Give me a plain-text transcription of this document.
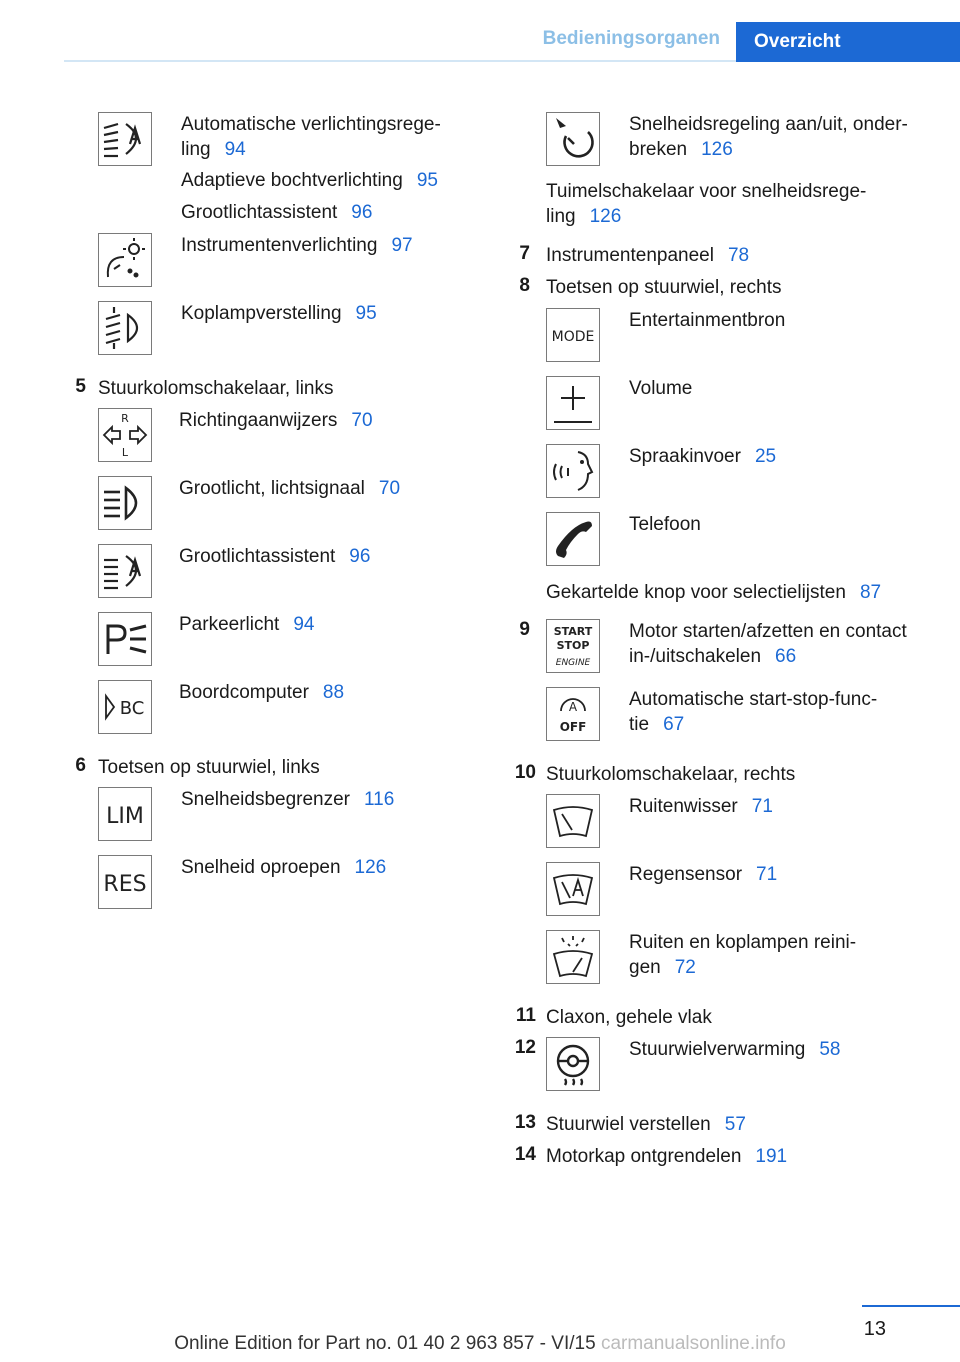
Bedieningsorganen	Overzicht
Automatische verlichtingsrege-
ling 94
Adaptieve bochtverlichting 95
Grootlichtassistent 96
Instrumentenverlichting 97
Koplampverstelling 95
5 Stuurkolomschakelaar, links
R
L
Richtingaanwijzers 70
Grootlicht, lichtsignaal 70
Grootlichtassistent 96
Parkeerlicht 94
BC
Boordcomputer 88
6 Toetsen op stuurwiel, links
LIM
Snelheidsbegrenzer 116
RES
Snelheid oproepen 126
Snelheidsregeling aan/uit, onder-
breken 126
Tuimelschakelaar voor snelheidsrege-
ling 126
7 Instrumentenpaneel 78
8 Toetsen op stuurwiel, rechts
MODE
Entertainmentbron
Volume
Spraakinvoer 25
Telefoon
Gekartelde knop voor selectielijsten 87
9 START
STOP
ENGINE
Motor starten/afzetten en contact
in-/uitschakelen 66
A
OFF
Automatische start-stop-func-
tie 67
10 Stuurkolomschakelaar, rechts
Ruitenwisser 71
Regensensor 71
Ruiten en koplampen reini-
gen 72
11 Claxon, gehele vlak
12	Stuurwielverwarming 58
13 Stuurwiel verstellen 57
14 Motorkap ontgrendelen 191
13
Online Edition for Part no. 01 40 2 963 857 - VI/15 carmanualsonline.info
